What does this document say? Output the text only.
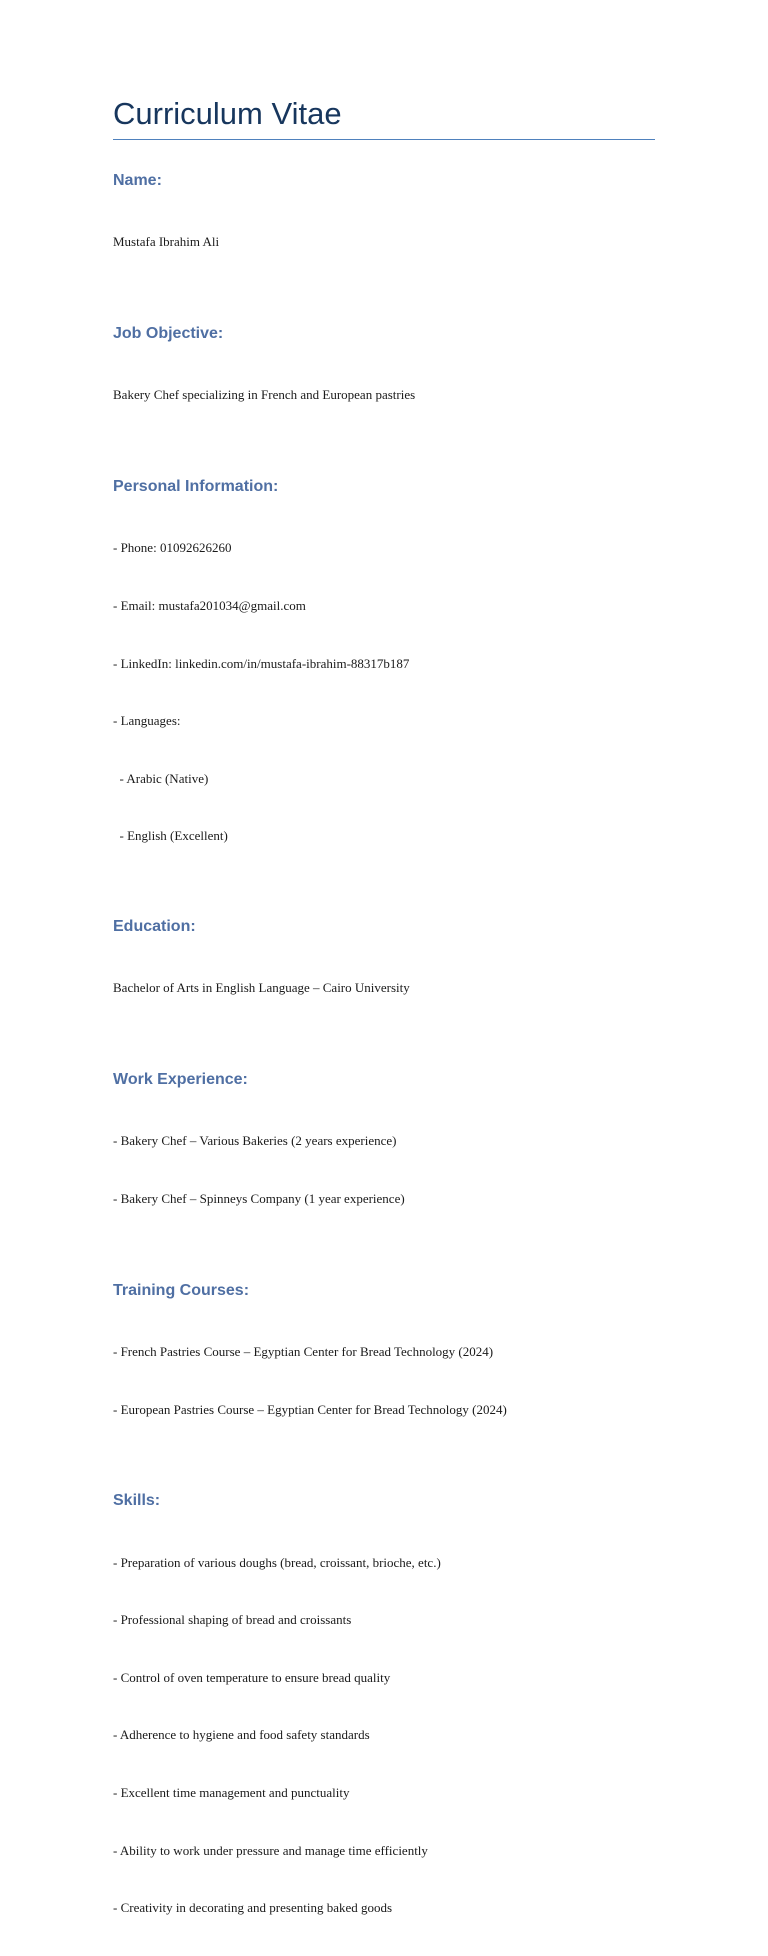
Curriculum Vitae
Name:

Mustafa Ibrahim Ali

Job Objective:

Bakery Chef specializing in French and European pastries

Personal Information:

- Phone: 01092626260

- Email: mustafa201034@gmail.com

- LinkedIn: linkedin.com/in/mustafa-ibrahim-88317b187

- Languages:

- Arabic (Native)

- English (Excellent)

Education:

Bachelor of Arts in English Language – Cairo University

Work Experience:

- Bakery Chef – Various Bakeries (2 years experience)

- Bakery Chef – Spinneys Company (1 year experience)

Training Courses:

- French Pastries Course – Egyptian Center for Bread Technology (2024)

- European Pastries Course – Egyptian Center for Bread Technology (2024)

Skills:

- Preparation of various doughs (bread, croissant, brioche, etc.)

- Professional shaping of bread and croissants

- Control of oven temperature to ensure bread quality

- Adherence to hygiene and food safety standards

- Excellent time management and punctuality

- Ability to work under pressure and manage time efficiently

- Creativity in decorating and presenting baked goods
